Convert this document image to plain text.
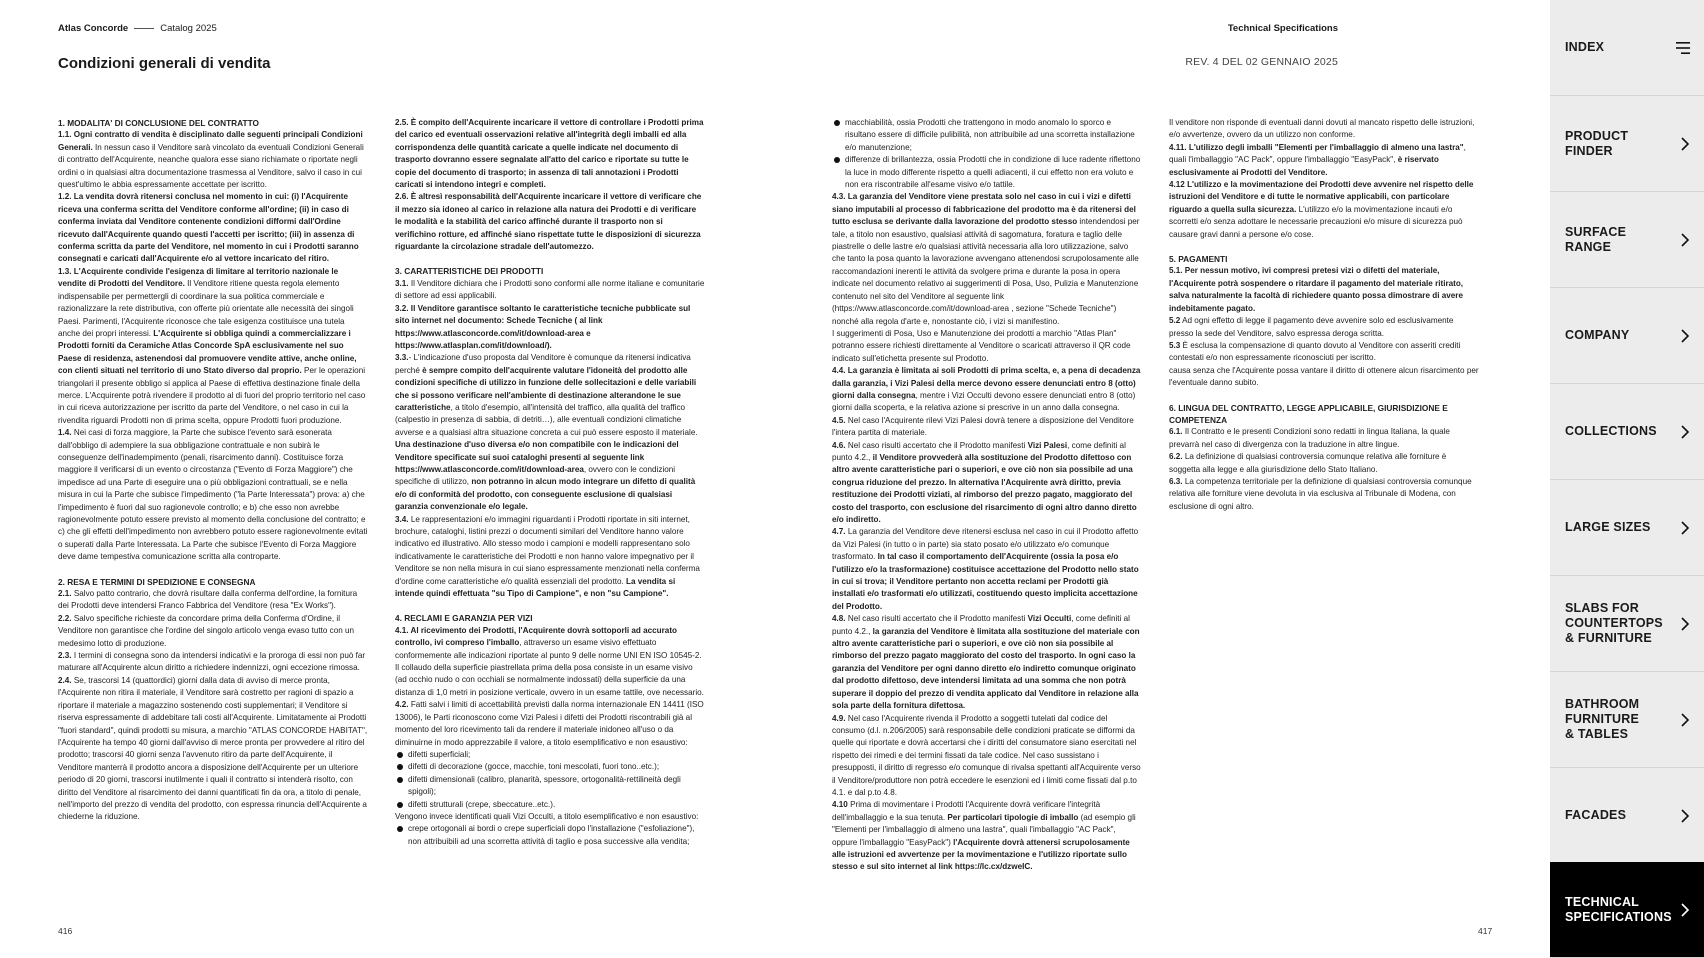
Atlas Concorde	Catalog 2025	Technical Specifications
Condizioni generali di vendita	REV. 4 DEL 02 GENNAIO 2025
1. MODALITA' DI CONCLUSIONE DEL CONTRATTO

1.1. Ogni contratto di vendita è disciplinato dalle seguenti principali Condizioni Generali. In nessun caso il Venditore sarà vincolato da eventuali Condizioni Generali di contratto dell'Acquirente, neanche qualora esse siano richiamate o riportate negli ordini o in qualsiasi altra documentazione trasmessa al Venditore, salvo il caso in cui quest'ultimo le abbia espressamente accettate per iscritto.

1.2. La vendita dovrà ritenersi conclusa nel momento in cui: (i) l'Acquirente riceva una conferma scritta del Venditore conforme all'ordine; (ii) in caso di conferma inviata dal Venditore contenente condizioni difformi dall'Ordine ricevuto dall'Acquirente quando questi l'accetti per iscritto; (iii) in assenza di conferma scritta da parte del Venditore, nel momento in cui i Prodotti saranno consegnati e caricati dall'Acquirente e/o al vettore incaricato del ritiro.

1.3. L'Acquirente condivide l'esigenza di limitare al territorio nazionale le vendite di Prodotti del Venditore. Il Venditore ritiene questa regola elemento indispensabile per permettergli di coordinare la sua politica commerciale e razionalizzare la rete distributiva, con offerte più orientate alle necessità dei singoli Paesi. Parimenti, l'Acquirente riconosce che tale esigenza costituisce una tutela anche dei propri interessi. L'Acquirente si obbliga quindi a commercializzare i Prodotti forniti da Ceramiche Atlas Concorde SpA esclusivamente nel suo Paese di residenza, astenendosi dal promuovere vendite attive, anche online, con clienti situati nel territorio di uno Stato diverso dal proprio. Per le operazioni triangolari il presente obbligo si applica al Paese di effettiva destinazione finale della merce. L'Acquirente potrà rivendere il prodotto al di fuori del proprio territorio nel caso in cui riceva autorizzazione per iscritto da parte del Venditore, o nel caso in cui la rivendita riguardi Prodotti non di prima scelta, oppure Prodotti fuori produzione.

1.4. Nei casi di forza maggiore, la Parte che subisce l'evento sarà esonerata dall'obbligo di adempiere la sua obbligazione contrattuale e non subirà le conseguenze dell'inadempimento (penali, risarcimento danni). Costituisce forza maggiore il verificarsi di un evento o circostanza ("Evento di Forza Maggiore") che impedisce ad una Parte di eseguire una o più obbligazioni contrattuali, se e nella misura in cui la Parte che subisce l'impedimento ("la Parte Interessata") prova: a) che l'impedimento è fuori dal suo ragionevole controllo; e b) che esso non avrebbe ragionevolmente potuto essere previsto al momento della conclusione del contratto; e c) che gli effetti dell'impedimento non avrebbero potuto essere ragionevolmente evitati o superati dalla Parte Interessata. La Parte che subisce l'Evento di Forza Maggiore deve dame tempestiva comunicazione scritta alla controparte.

2. RESA E TERMINI DI SPEDIZIONE E CONSEGNA

2.1. Salvo patto contrario, che dovrà risultare dalla conferma dell'ordine, la fornitura dei Prodotti deve intendersi Franco Fabbrica del Venditore (resa "Ex Works").

2.2. Salvo specifiche richieste da concordare prima della Conferma d'Ordine, il Venditore non garantisce che l'ordine del singolo articolo venga evaso tutto con un medesimo lotto di produzione.

2.3. I termini di consegna sono da intendersi indicativi e la proroga di essi non può far maturare all'Acquirente alcun diritto a richiedere indennizzi, ogni eccezione rimossa.

2.4. Se, trascorsi 14 (quattordici) giorni dalla data di avviso di merce pronta, l'Acquirente non ritira il materiale, il Venditore sarà costretto per ragioni di spazio a riportare il materiale a magazzino sostenendo costi supplementari; il Venditore si riserva espressamente di addebitare tali costi all'Acquirente. Limitatamente ai Prodotti "fuori standard", quindi prodotti su misura, a marchio "ATLAS CONCORDE HABITAT", l'Acquirente ha tempo 40 giorni dall'avviso di merce pronta per provvedere al ritiro del prodotto; trascorsi 40 giorni senza l'avvenuto ritiro da parte dell'Acquirente, il Venditore manterrà il prodotto ancora a disposizione dell'Acquirente per un ulteriore periodo di 20 giorni, trascorsi inutilmente i quali il contratto si intenderà risolto, con diritto del Venditore al risarcimento dei danni quantificati fin da ora, a titolo di penale, nell'importo del prezzo di vendita del prodotto, con espressa rinuncia dell'Acquirente a chiederne la riduzione.

2.5. È compito dell'Acquirente incaricare il vettore di controllare i Prodotti prima del carico ed eventuali osservazioni relative all'integrità degli imballi ed alla corrispondenza delle quantità caricate a quelle indicate nel documento di trasporto dovranno essere segnalate all'atto del carico e riportate su tutte le copie del documento di trasporto; in assenza di tali annotazioni i Prodotti caricati si intendono integri e completi.

2.6. È altresì responsabilità dell'Acquirente incaricare il vettore di verificare che il mezzo sia idoneo al carico in relazione alla natura dei Prodotti e di verificare le modalità e la stabilità del carico affinché durante il trasporto non si verifichino rotture, ed affinché siano rispettate tutte le disposizioni di sicurezza riguardante la circolazione stradale dell'automezzo.

3. CARATTERISTICHE DEI PRODOTTI

3.1. Il Venditore dichiara che i Prodotti sono conformi alle norme italiane e comunitarie di settore ad essi applicabili.

3.2. Il Venditore garantisce soltanto le caratteristiche tecniche pubblicate sul sito internet nel documento: Schede Tecniche ( al link https://www.atlasconcorde.com/it/download-area e https://www.atlasplan.com/it/download/).

3.3.- L'indicazione d'uso proposta dal Venditore è comunque da ritenersi indicativa perché è sempre compito dell'acquirente valutare l'idoneità del prodotto alle condizioni specifiche di utilizzo in funzione delle sollecitazioni e delle variabili che si possono verificare nell'ambiente di destinazione alterandone le sue caratteristiche, a titolo d'esempio, all'intensità del traffico, alla qualità del traffico (calpestio in presenza di sabbia, di detriti…), alle eventuali condizioni climatiche avverse e a qualsiasi altra situazione concreta a cui può essere esposto il materiale. Una destinazione d'uso diversa e/o non compatibile con le indicazioni del Venditore specificate sui suoi cataloghi presenti al seguente link https://www.atlasconcorde.com/it/download-area, ovvero con le condizioni specifiche di utilizzo, non potranno in alcun modo integrare un difetto di qualità e/o di conformità del prodotto, con conseguente esclusione di qualsiasi garanzia convenzionale e/o legale.

3.4. Le rappresentazioni e/o immagini riguardanti i Prodotti riportate in siti internet, brochure, cataloghi, listini prezzi o documenti similari del Venditore hanno valore indicativo ed illustrativo. Allo stesso modo i campioni e modelli rappresentano solo indicativamente le caratteristiche dei Prodotti e non hanno valore impegnativo per il Venditore se non nella misura in cui siano espressamente menzionati nella conferma d'ordine come caratteristiche e/o qualità essenziali del prodotto. La vendita si intende quindi effettuata "su Tipo di Campione", e non "su Campione".

4. RECLAMI E GARANZIA PER VIZI

4.1. Al ricevimento dei Prodotti, l'Acquirente dovrà sottoporli ad accurato controllo, ivi compreso l'imballo, attraverso un esame visivo effettuato conformemente alle indicazioni riportate al punto 9 delle norme UNI EN ISO 10545-2. Il collaudo della superficie piastrellata prima della posa consiste in un esame visivo (ad occhio nudo o con occhiali se normalmente indossati) della superficie da una distanza di 1,0 metri in posizione verticale, ovvero in un esame tattile, ove necessario.

4.2. Fatti salvi i limiti di accettabilità previsti dalla norma internazionale EN 14411 (ISO 13006), le Parti riconoscono come Vizi Palesi i difetti dei Prodotti riscontrabili già al momento del loro ricevimento tali da rendere il materiale inidoneo all'uso o da diminuirne in modo apprezzabile il valore, a titolo esemplificativo e non esaustivo:

difetti superficiali;
difetti di decorazione (gocce, macchie, toni mescolati, fuori tono..etc.);
difetti dimensionali (calibro, planarità, spessore, ortogonalità-rettilineità degli spigoli);
difetti strutturali (crepe, sbeccature..etc.).

Vengono invece identificati quali Vizi Occulti, a titolo esemplificativo e non esaustivo:

crepe ortogonali ai bordi o crepe superficiali dopo l'installazione ("esfoliazione"), non attribuibili ad una scorretta attività di taglio e posa successive alla vendita;
macchiabilità, ossia Prodotti che trattengono in modo anomalo lo sporco e risultano essere di difficile pulibilità, non attribuibile ad una scorretta installazione e/o manutenzione;
differenze di brillantezza, ossia Prodotti che in condizione di luce radente riflettono la luce in modo differente rispetto a quelli adiacenti, il cui effetto non era voluto e non era riscontrabile all'esame visivo e/o tattile.

4.3. La garanzia del Venditore viene prestata solo nel caso in cui i vizi e difetti siano imputabili al processo di fabbricazione del prodotto ma è da ritenersi del tutto esclusa se derivante dalla lavorazione del prodotto stesso intendendosi per tale, a titolo non esaustivo, qualsiasi attività di sagomatura, foratura e taglio delle piastrelle o delle lastre e/o qualsiasi attività necessaria alla loro utilizzazione, salvo che tanto la posa quanto la lavorazione avvengano attenendosi scrupolosamente alle raccomandazioni inerenti le attività da svolgere prima e durante la posa in opera indicate nel documento relativo ai suggerimenti di Posa, Uso, Pulizia e Manutenzione contenuto nel sito del Venditore al seguente link (https://www.atlasconcorde.com/it/download-area , sezione "Schede Tecniche") nonché alla regola d'arte e, nonostante ciò, i vizi si manifestino.

I suggerimenti di Posa, Uso e Manutenzione dei prodotti a marchio "Atlas Plan" potranno essere richiesti direttamente al Venditore o scaricati attraverso il QR code indicato sull'etichetta presente sul Prodotto.

4.4. La garanzia è limitata ai soli Prodotti di prima scelta, e, a pena di decadenza dalla garanzia, i Vizi Palesi della merce devono essere denunciati entro 8 (otto) giorni dalla consegna, mentre i Vizi Occulti devono essere denunciati entro 8 (otto) giorni dalla scoperta, e la relativa azione si prescrive in un anno dalla consegna.

4.5. Nel caso l'Acquirente rilevi Vizi Palesi dovrà tenere a disposizione del Venditore l'intera partita di materiale.

4.6. Nel caso risulti accertato che il Prodotto manifesti Vizi Palesi, come definiti al punto 4.2., il Venditore provvederà alla sostituzione del Prodotto difettoso con altro avente caratteristiche pari o superiori, e ove ciò non sia possibile ad una congrua riduzione del prezzo. In alternativa l'Acquirente avrà diritto, previa restituzione dei Prodotti viziati, al rimborso del prezzo pagato, maggiorato del costo del trasporto, con esclusione del risarcimento di ogni altro danno diretto e/o indiretto.

4.7. La garanzia del Venditore deve ritenersi esclusa nel caso in cui il Prodotto affetto da Vizi Palesi (in tutto o in parte) sia stato posato e/o utilizzato e/o comunque trasformato. In tal caso il comportamento dell'Acquirente (ossia la posa e/o l'utilizzo e/o la trasformazione) costituisce accettazione del Prodotto nello stato in cui si trova; il Venditore pertanto non accetta reclami per Prodotti già installati e/o trasformati e/o utilizzati, costituendo questo implicita accettazione del Prodotto.

4.8. Nel caso risulti accertato che il Prodotto manifesti Vizi Occulti, come definiti al punto 4.2., la garanzia del Venditore è limitata alla sostituzione del materiale con altro avente caratteristiche pari o superiori, e ove ciò non sia possibile al rimborso del prezzo pagato maggiorato del costo del trasporto. In ogni caso la garanzia del Venditore per ogni danno diretto e/o indiretto comunque originato dal prodotto difettoso, deve intendersi limitata ad una somma che non potrà superare il doppio del prezzo di vendita applicato dal Venditore in relazione alla sola parte della fornitura difettosa.

4.9. Nel caso l'Acquirente rivenda il Prodotto a soggetti tutelati dal codice del consumo (d.l. n.206/2005) sarà responsabile delle condizioni praticate se difformi da quelle qui riportate e dovrà accertarsi che i diritti del consumatore siano esercitati nel rispetto dei rimedi e dei termini fissati da tale codice. Nel caso sussistano i presupposti, il diritto di regresso e/o comunque di rivalsa spettanti all'Acquirente verso il Venditore/produttore non potrà eccedere le esenzioni ed i limiti come fissati dal p.to 4.1. e dal p.to 4.8.

4.10 Prima di movimentare i Prodotti l'Acquirente dovrà verificare l'integrità dell'imballaggio e la sua tenuta. Per particolari tipologie di imballo (ad esempio gli "Elementi per l'imballaggio di almeno una lastra", quali l'imballaggio "AC Pack", oppure l'imballaggio "EasyPack") l'Acquirente dovrà attenersi scrupolosamente alle istruzioni ed avvertenze per la movimentazione e l'utilizzo riportate sullo stesso e sul sito internet al link https://lc.cx/dzweIC.

Il venditore non risponde di eventuali danni dovuti al mancato rispetto delle istruzioni, e/o avvertenze, ovvero da un utilizzo non conforme.

4.11. L'utilizzo degli imballi "Elementi per l'imballaggio di almeno una lastra", quali l'imballaggio "AC Pack", oppure l'imballaggio "EasyPack", è riservato esclusivamente ai Prodotti del Venditore.

4.12 L'utilizzo e la movimentazione dei Prodotti deve avvenire nel rispetto delle istruzioni del Venditore e di tutte le normative applicabili, con particolare riguardo a quella sulla sicurezza. L'utilizzo e/o la movimentazione incauti e/o scorretti e/o senza adottare le necessarie precauzioni e/o misure di sicurezza può causare gravi danni a persone e/o cose.

5. PAGAMENTI

5.1. Per nessun motivo, ivi compresi pretesi vizi o difetti del materiale, l'Acquirente potrà sospendere o ritardare il pagamento del materiale ritirato, salva naturalmente la facoltà di richiedere quanto possa dimostrare di avere indebitamente pagato.

5.2 Ad ogni effetto di legge il pagamento deve avvenire solo ed esclusivamente presso la sede del Venditore, salvo espressa deroga scritta.

5.3 È esclusa la compensazione di quanto dovuto al Venditore con asseriti crediti contestati e/o non espressamente riconosciuti per iscritto.

causa senza che l'Acquirente possa vantare il diritto di ottenere alcun risarcimento per l'eventuale danno subito.

6. LINGUA DEL CONTRATTO, LEGGE APPLICABILE, GIURISDIZIONE E COMPETENZA

6.1. Il Contratto e le presenti Condizioni sono redatti in lingua Italiana, la quale prevarrà nel caso di divergenza con la traduzione in altre lingue.

6.2. La definizione di qualsiasi controversia comunque relativa alle forniture è soggetta alla legge e alla giurisdizione dello Stato Italiano.

6.3. La competenza territoriale per la definizione di qualsiasi controversia comunque relativa alle forniture viene devoluta in via esclusiva al Tribunale di Modena, con esclusione di ogni altro.

416	417
INDEX
PRODUCT
FINDER
SURFACE
RANGE
COMPANY
COLLECTIONS
LARGE SIZES
SLABS FOR
COUNTERTOPS
& FURNITURE
BATHROOM
FURNITURE
& TABLES
FACADES
TECHNICAL
SPECIFICATIONS
